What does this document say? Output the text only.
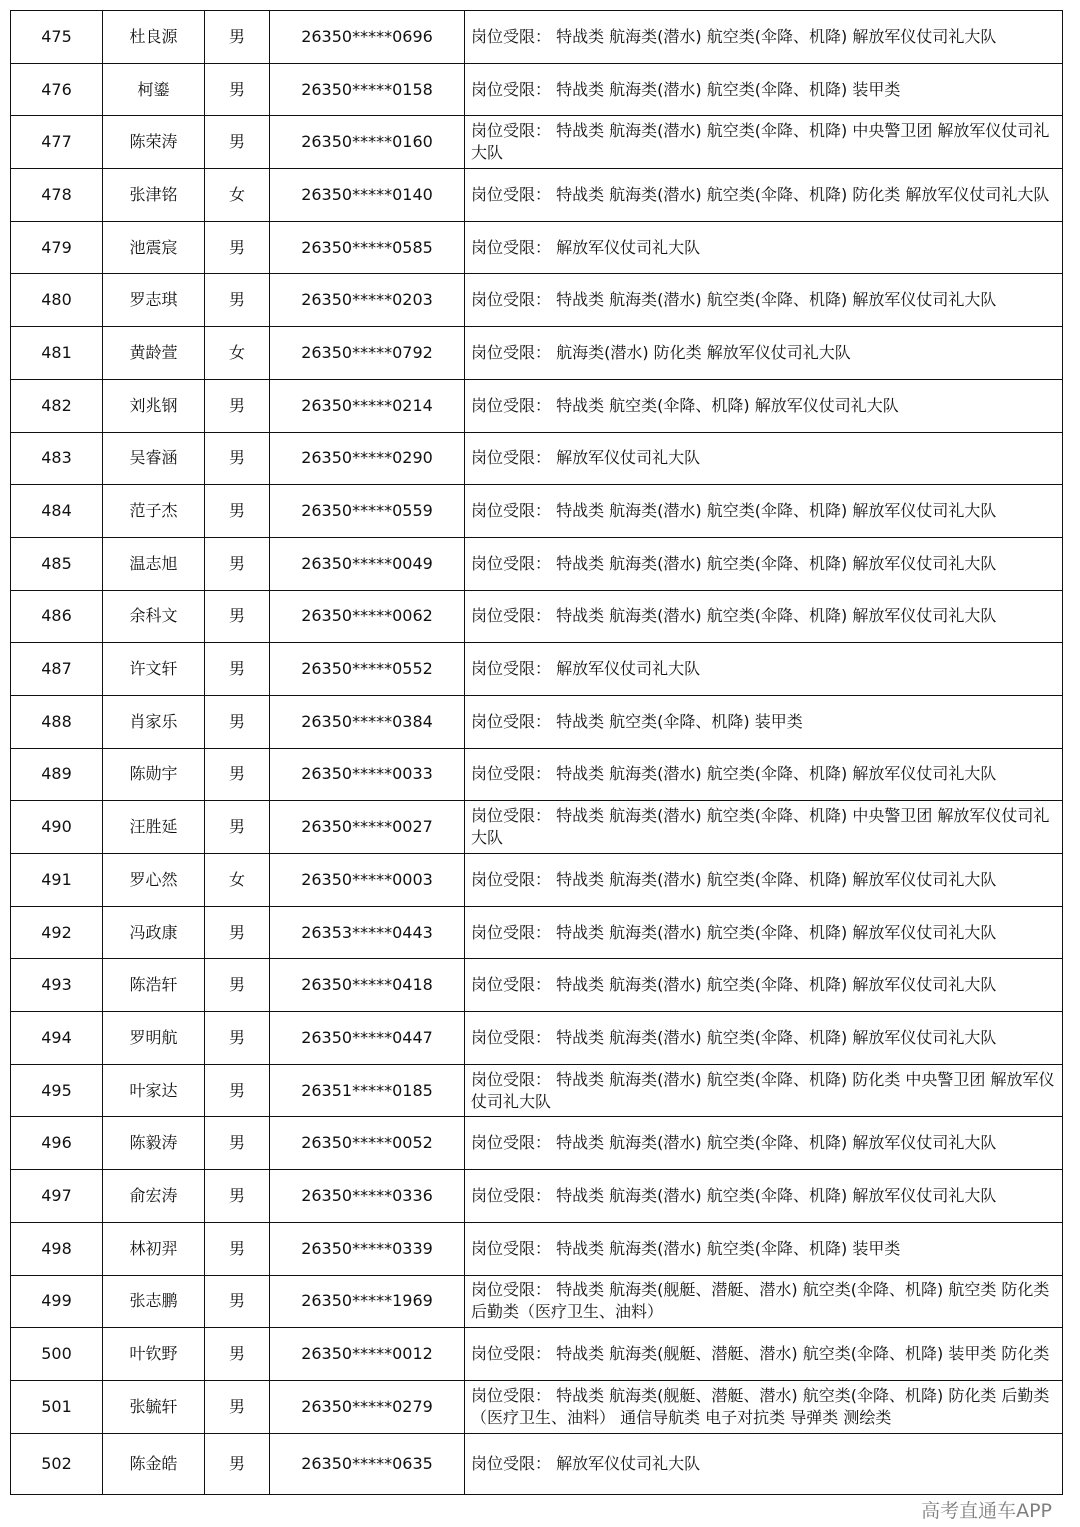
475	杜良源	男	26350*****0696	岗位受限： 特战类 航海类(潜水) 航空类(伞降、机降) 解放军仪仗司礼大队
476	柯鎏	男	26350*****0158	岗位受限： 特战类 航海类(潜水) 航空类(伞降、机降) 装甲类
477	陈荣涛	男	26350*****0160	岗位受限： 特战类 航海类(潜水) 航空类(伞降、机降) 中央警卫团 解放军仪仗司礼大队
478	张津铭	女	26350*****0140	岗位受限： 特战类 航海类(潜水) 航空类(伞降、机降) 防化类 解放军仪仗司礼大队
479	池震宸	男	26350*****0585	岗位受限： 解放军仪仗司礼大队
480	罗志琪	男	26350*****0203	岗位受限： 特战类 航海类(潜水) 航空类(伞降、机降) 解放军仪仗司礼大队
481	黄龄萱	女	26350*****0792	岗位受限： 航海类(潜水) 防化类 解放军仪仗司礼大队
482	刘兆钢	男	26350*****0214	岗位受限： 特战类 航空类(伞降、机降) 解放军仪仗司礼大队
483	吴睿涵	男	26350*****0290	岗位受限： 解放军仪仗司礼大队
484	范子杰	男	26350*****0559	岗位受限： 特战类 航海类(潜水) 航空类(伞降、机降) 解放军仪仗司礼大队
485	温志旭	男	26350*****0049	岗位受限： 特战类 航海类(潜水) 航空类(伞降、机降) 解放军仪仗司礼大队
486	余科文	男	26350*****0062	岗位受限： 特战类 航海类(潜水) 航空类(伞降、机降) 解放军仪仗司礼大队
487	许文轩	男	26350*****0552	岗位受限： 解放军仪仗司礼大队
488	肖家乐	男	26350*****0384	岗位受限： 特战类 航空类(伞降、机降) 装甲类
489	陈勋宇	男	26350*****0033	岗位受限： 特战类 航海类(潜水) 航空类(伞降、机降) 解放军仪仗司礼大队
490	汪胜延	男	26350*****0027	岗位受限： 特战类 航海类(潜水) 航空类(伞降、机降) 中央警卫团 解放军仪仗司礼大队
491	罗心然	女	26350*****0003	岗位受限： 特战类 航海类(潜水) 航空类(伞降、机降) 解放军仪仗司礼大队
492	冯政康	男	26353*****0443	岗位受限： 特战类 航海类(潜水) 航空类(伞降、机降) 解放军仪仗司礼大队
493	陈浩轩	男	26350*****0418	岗位受限： 特战类 航海类(潜水) 航空类(伞降、机降) 解放军仪仗司礼大队
494	罗明航	男	26350*****0447	岗位受限： 特战类 航海类(潜水) 航空类(伞降、机降) 解放军仪仗司礼大队
495	叶家达	男	26351*****0185	岗位受限： 特战类 航海类(潜水) 航空类(伞降、机降) 防化类 中央警卫团 解放军仪仗司礼大队
496	陈毅涛	男	26350*****0052	岗位受限： 特战类 航海类(潜水) 航空类(伞降、机降) 解放军仪仗司礼大队
497	俞宏涛	男	26350*****0336	岗位受限： 特战类 航海类(潜水) 航空类(伞降、机降) 解放军仪仗司礼大队
498	林初羿	男	26350*****0339	岗位受限： 特战类 航海类(潜水) 航空类(伞降、机降) 装甲类
499	张志鹏	男	26350*****1969	岗位受限： 特战类 航海类(舰艇、潜艇、潜水) 航空类(伞降、机降) 航空类 防化类 后勤类（医疗卫生、油料）
500	叶钦野	男	26350*****0012	岗位受限： 特战类 航海类(舰艇、潜艇、潜水) 航空类(伞降、机降) 装甲类 防化类
501	张毓轩	男	26350*****0279	岗位受限： 特战类 航海类(舰艇、潜艇、潜水) 航空类(伞降、机降) 防化类 后勤类（医疗卫生、油料） 通信导航类 电子对抗类 导弹类 测绘类
502	陈金皓	男	26350*****0635	岗位受限： 解放军仪仗司礼大队
高考直通车APP
